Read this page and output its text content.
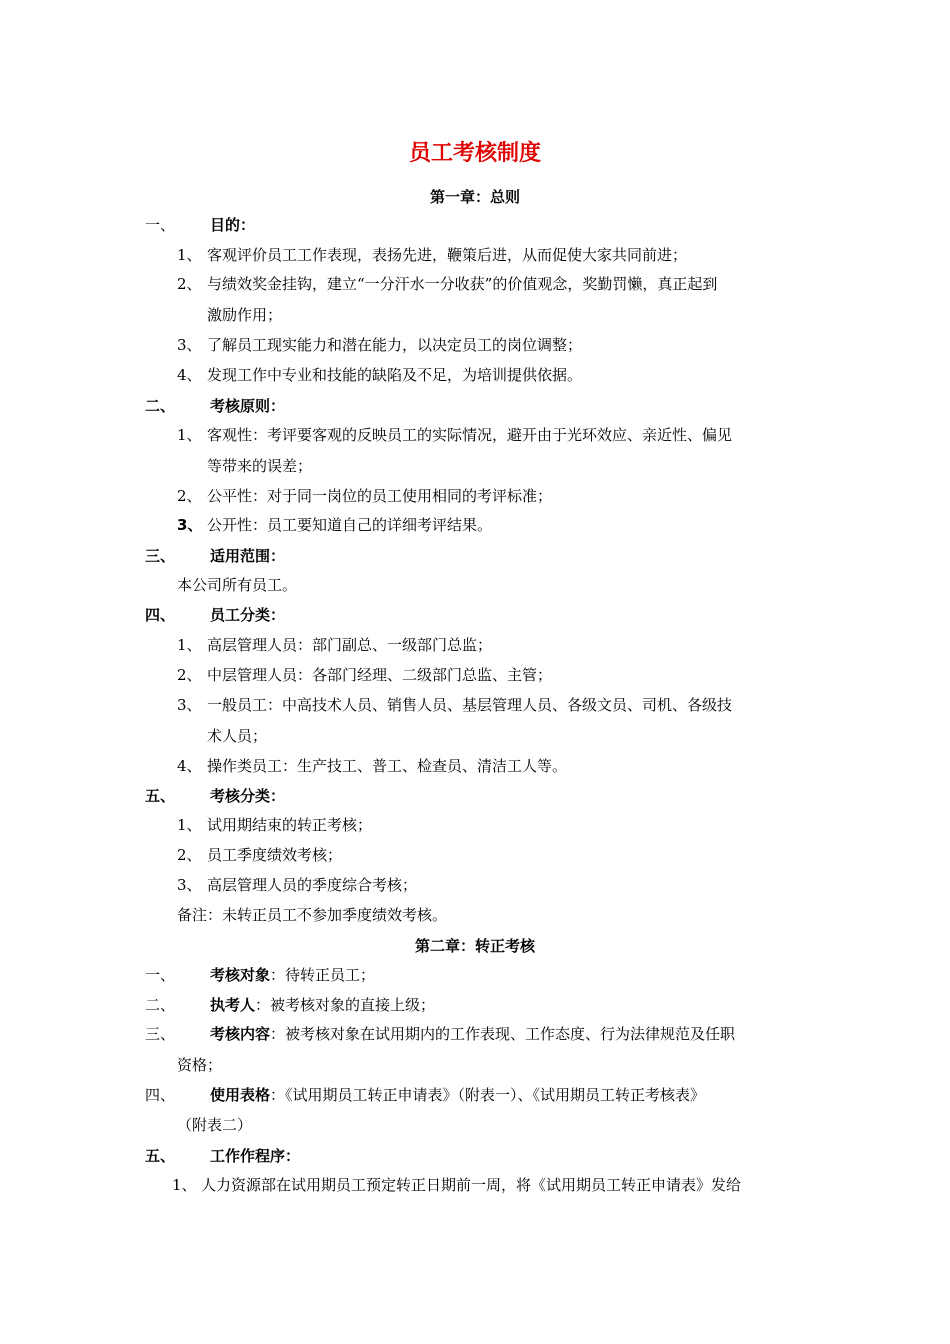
员工考核制度
第一章：总则
一、 目的：
1、 客观评价员工工作表现，表扬先进，鞭策后进，从而促使大家共同前进；
2、 与绩效奖金挂钩，建立“一分汗水一分收获”的价值观念，奖勤罚懒，真正起到
激励作用；
3、 了解员工现实能力和潜在能力，以决定员工的岗位调整；
4、 发现工作中专业和技能的缺陷及不足，为培训提供依据。
二、 考核原则：
1、 客观性：考评要客观的反映员工的实际情况，避开由于光环效应、亲近性、偏见
等带来的误差；
2、 公平性：对于同一岗位的员工使用相同的考评标准；
3、 公开性：员工要知道自己的详细考评结果。
三、 适用范围：
本公司所有员工。
四、 员工分类：
1、 高层管理人员：部门副总、一级部门总监；
2、 中层管理人员：各部门经理、二级部门总监、主管；
3、 一般员工：中高技术人员、销售人员、基层管理人员、各级文员、司机、各级技
术人员；
4、 操作类员工：生产技工、普工、检查员、清洁工人等。
五、 考核分类：
1、 试用期结束的转正考核；
2、 员工季度绩效考核；
3、 高层管理人员的季度综合考核；
备注：未转正员工不参加季度绩效考核。
第二章：转正考核
一、 考核对象：待转正员工；
二、 执考人：被考核对象的直接上级；
三、 考核内容：被考核对象在试用期内的工作表现、工作态度、行为法律规范及任职
资格；
四、 使用表格：《试用期员工转正申请表》（附表一）、《试用期员工转正考核表》
（附表二）
五、 工作作程序：
1、 人力资源部在试用期员工预定转正日期前一周，将《试用期员工转正申请表》发给
